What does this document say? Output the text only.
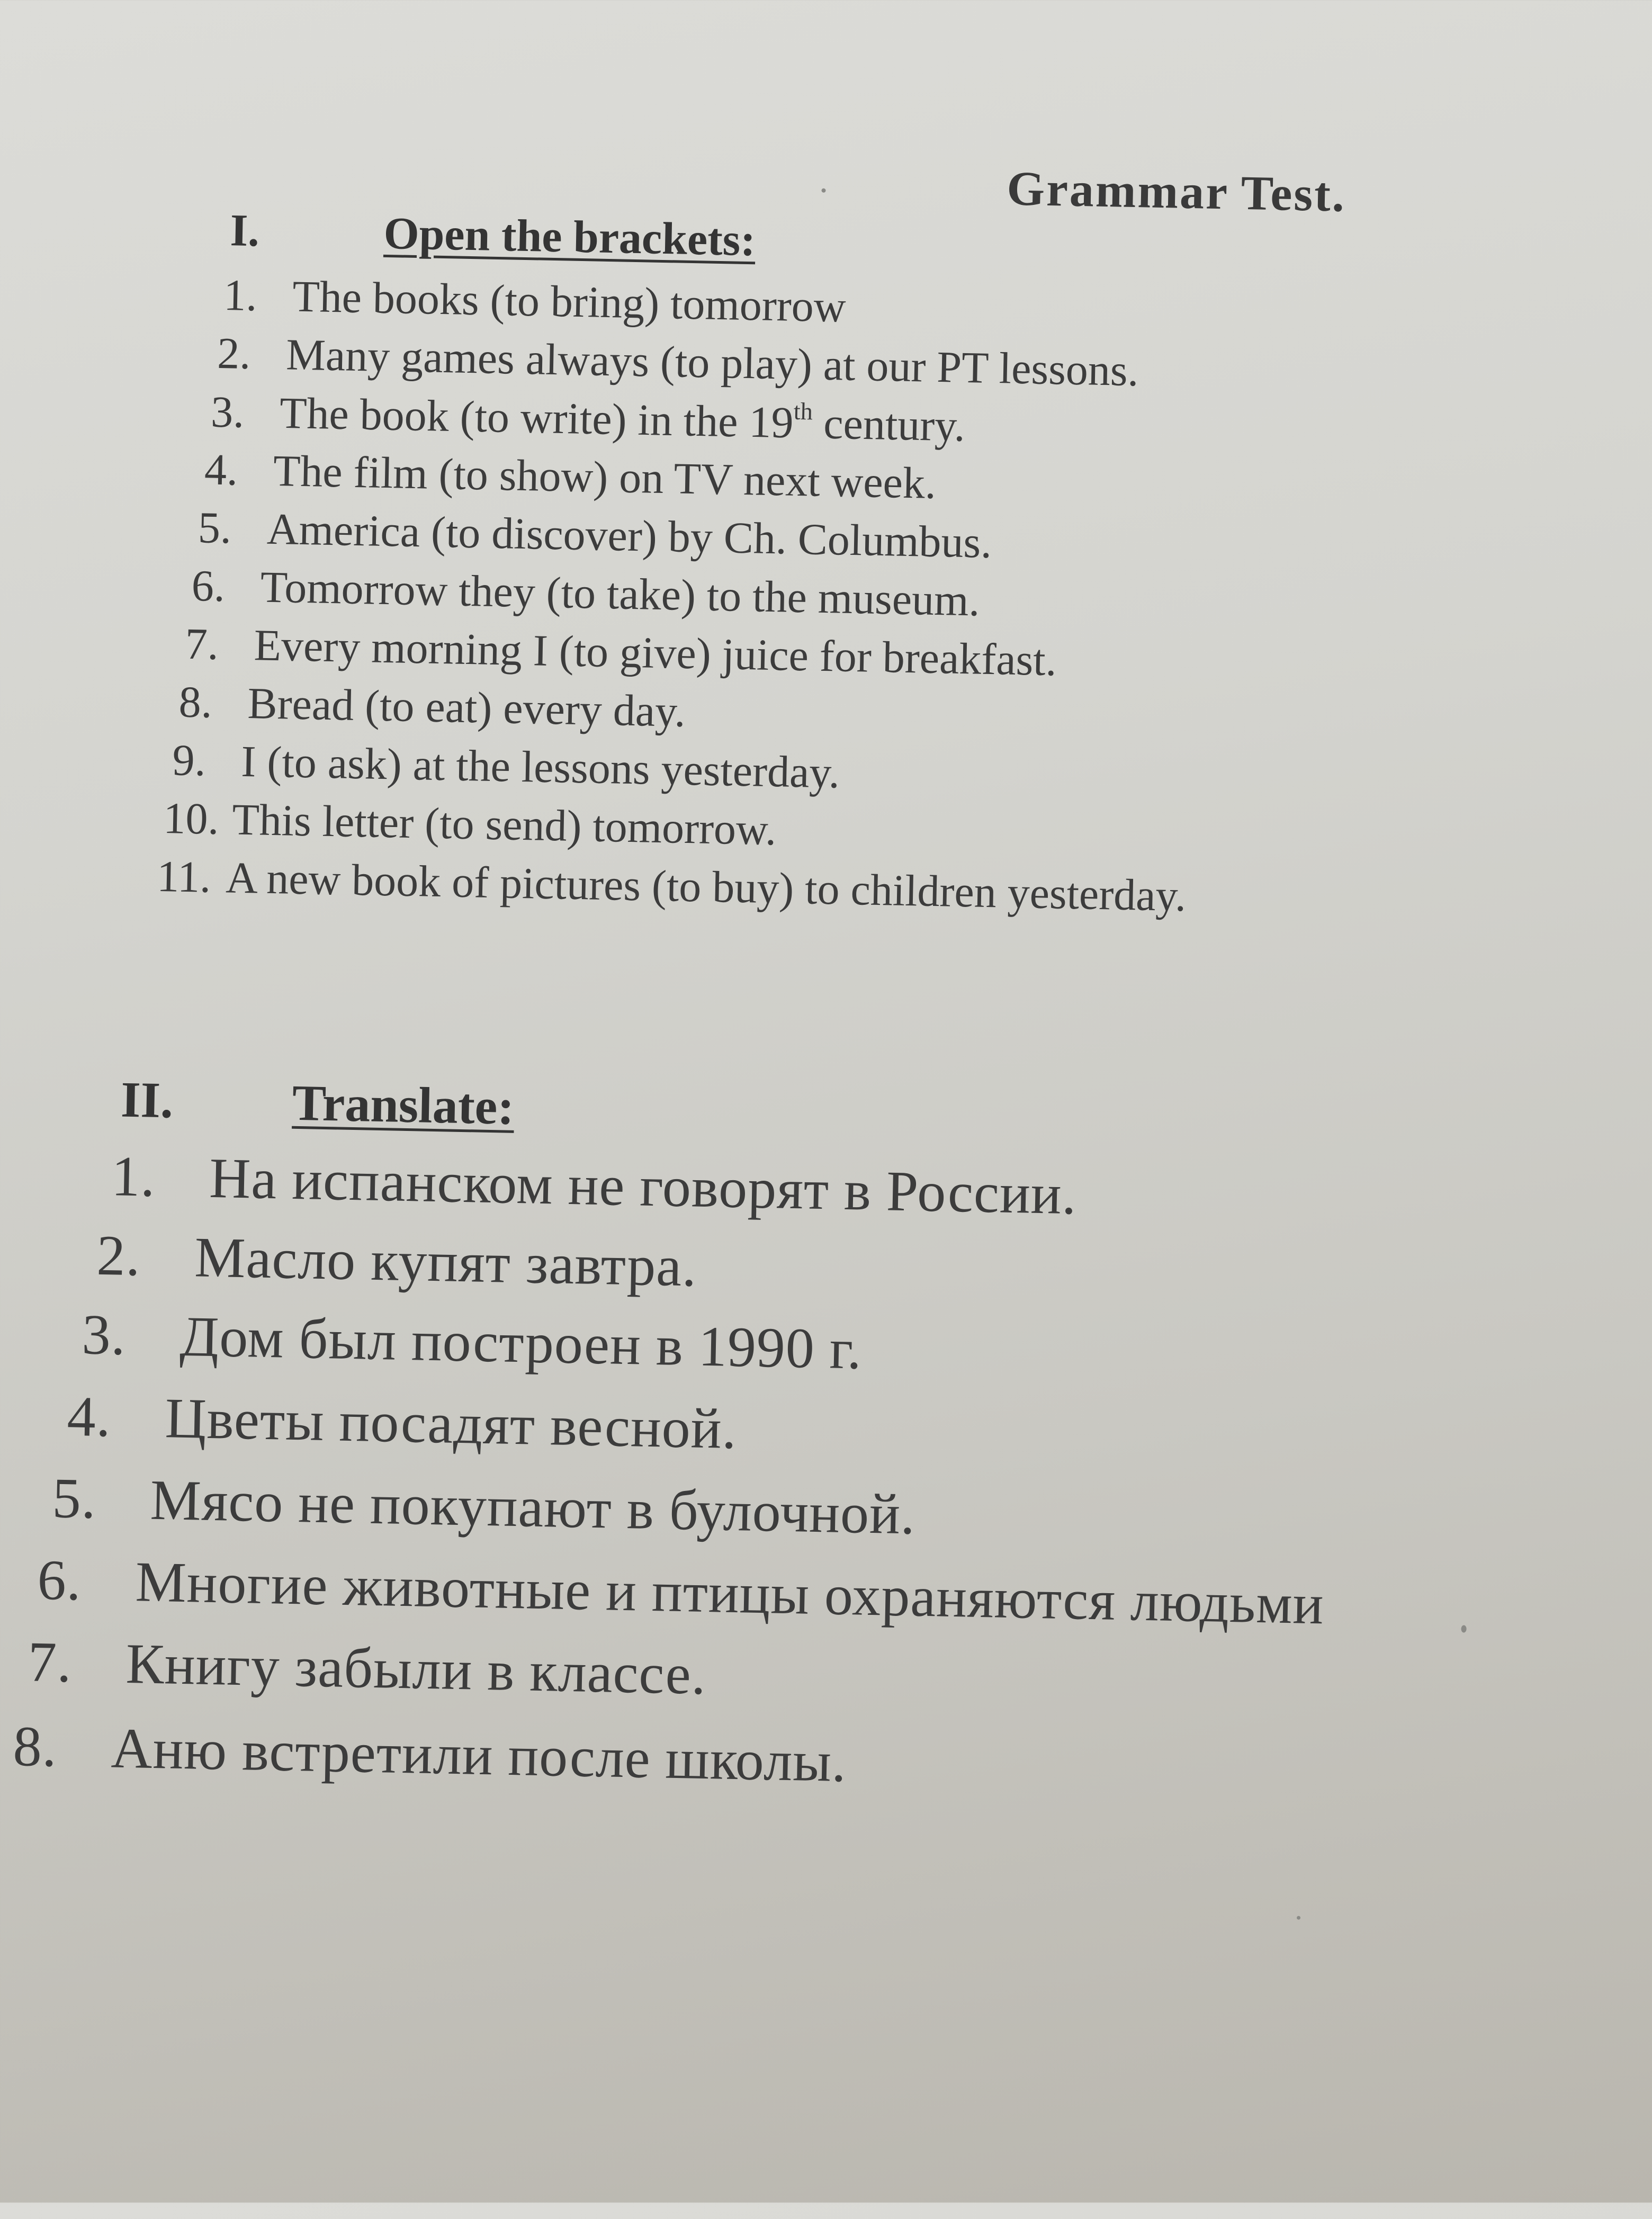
Grammar Test.
I.	Open the brackets:
1. The books (to bring) tomorrow
2. Many games always (to play) at our PT lessons.
3. The book (to write) in the 19th century.
4. The film (to show) on TV next week.
5. America (to discover) by Ch. Columbus.
6. Tomorrow they (to take) to the museum.
7. Every morning I (to give) juice for breakfast.
8. Bread (to eat) every day.
9. I (to ask) at the lessons yesterday.
10. This letter (to send) tomorrow.
11. A new book of pictures (to buy) to children yesterday.
II. Translate:
1. На испанском не говорят в России.
2. Масло купят завтра.
3. Дом был построен в 1990 г.
4. Цветы посадят весной.
5. Мясо не покупают в булочной.
6. Многие животные и птицы охраняются людьми
7. Книгу забыли в классе.
8. Аню встретили после школы.
